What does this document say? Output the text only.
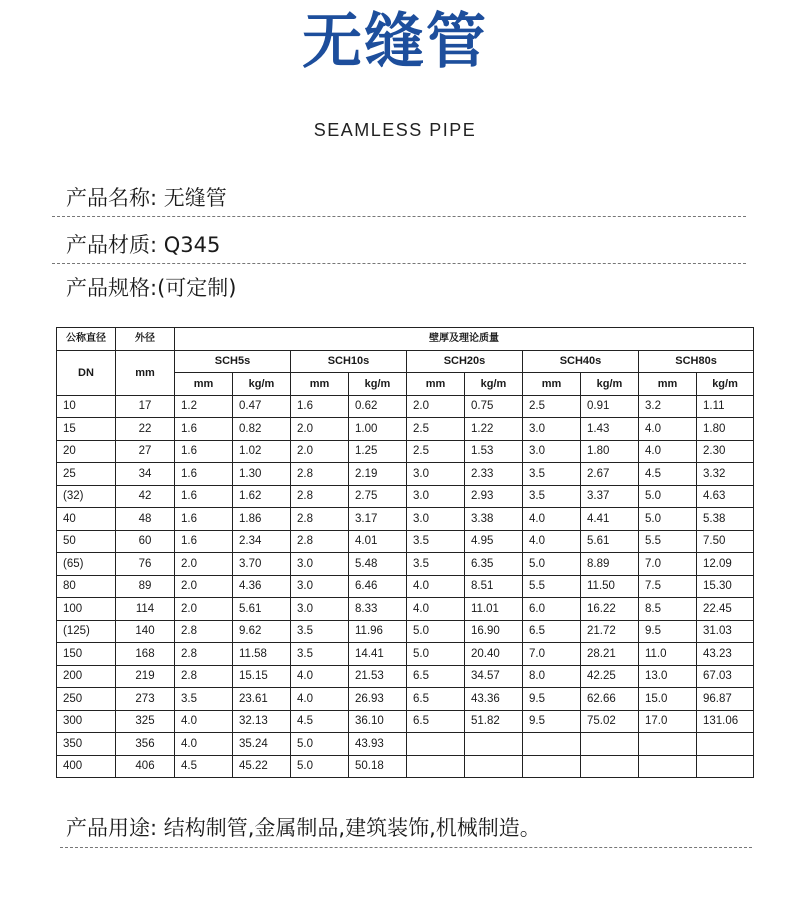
无缝管
SEAMLESS PIPE
产品名称: 无缝管
产品材质: Q345
产品规格:(可定制)
公称直径	外径	壁厚及理论质量									
DN	mm	SCH5s		SCH10s		SCH20s		SCH40s		SCH80s	
		mm	kg/m	mm	kg/m	mm	kg/m	mm	kg/m	mm	kg/m
10	17	1.2	0.47	1.6	0.62	2.0	0.75	2.5	0.91	3.2	1.11
15	22	1.6	0.82	2.0	1.00	2.5	1.22	3.0	1.43	4.0	1.80
20	27	1.6	1.02	2.0	1.25	2.5	1.53	3.0	1.80	4.0	2.30
25	34	1.6	1.30	2.8	2.19	3.0	2.33	3.5	2.67	4.5	3.32
(32)	42	1.6	1.62	2.8	2.75	3.0	2.93	3.5	3.37	5.0	4.63
40	48	1.6	1.86	2.8	3.17	3.0	3.38	4.0	4.41	5.0	5.38
50	60	1.6	2.34	2.8	4.01	3.5	4.95	4.0	5.61	5.5	7.50
(65)	76	2.0	3.70	3.0	5.48	3.5	6.35	5.0	8.89	7.0	12.09
80	89	2.0	4.36	3.0	6.46	4.0	8.51	5.5	11.50	7.5	15.30
100	114	2.0	5.61	3.0	8.33	4.0	11.01	6.0	16.22	8.5	22.45
(125)	140	2.8	9.62	3.5	11.96	5.0	16.90	6.5	21.72	9.5	31.03
150	168	2.8	11.58	3.5	14.41	5.0	20.40	7.0	28.21	11.0	43.23
200	219	2.8	15.15	4.0	21.53	6.5	34.57	8.0	42.25	13.0	67.03
250	273	3.5	23.61	4.0	26.93	6.5	43.36	9.5	62.66	15.0	96.87
300	325	4.0	32.13	4.5	36.10	6.5	51.82	9.5	75.02	17.0	131.06
350	356	4.0	35.24	5.0	43.93						
400	406	4.5	45.22	5.0	50.18						
产品用途: 结构制管,金属制品,建筑装饰,机械制造。
